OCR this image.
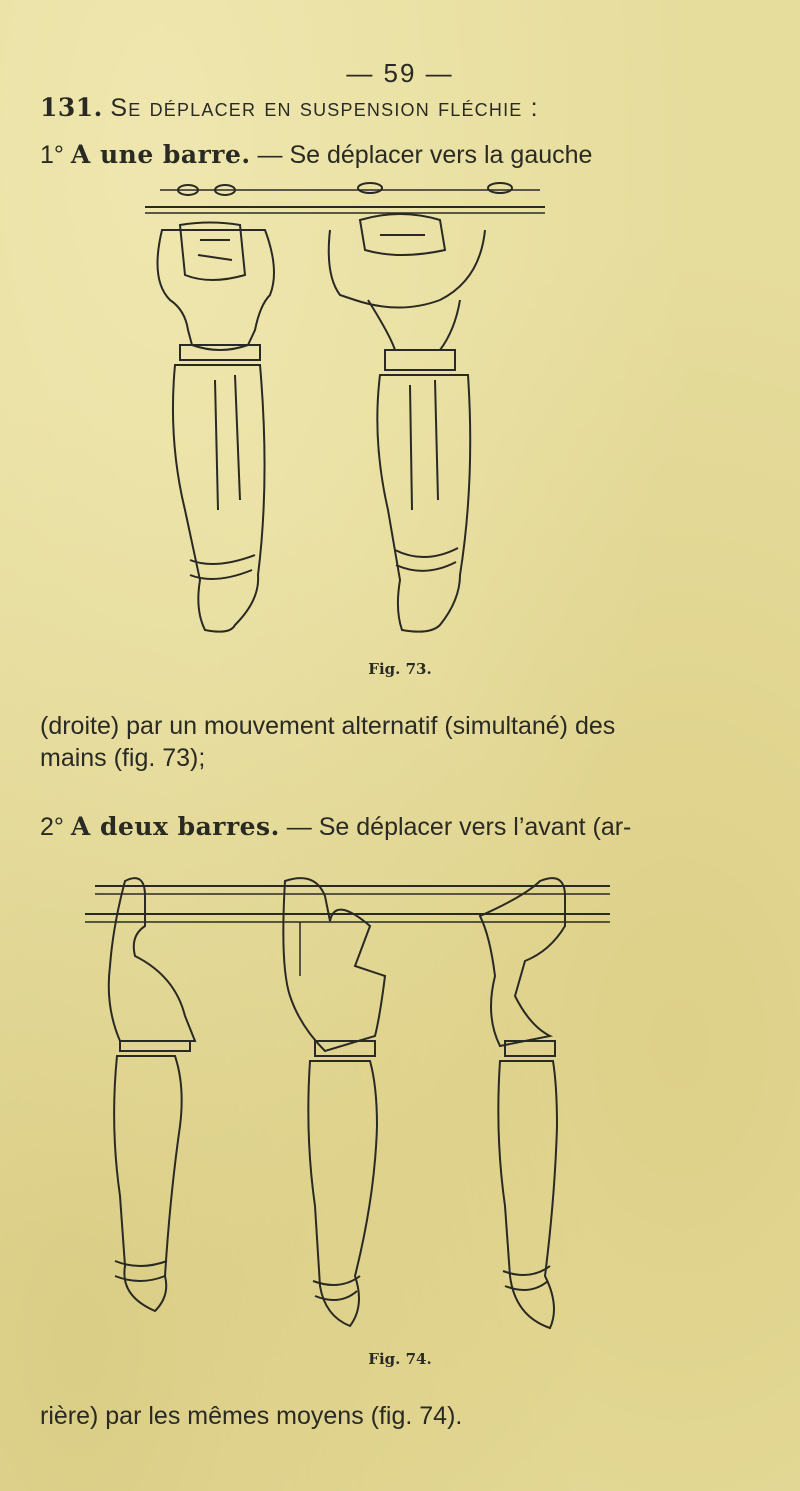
— 59 —
131. Se déplacer en suspension fléchie :
1° A une barre. — Se déplacer vers la gauche
Fig. 73.
(droite) par un mouvement alternatif (simultané) des
mains (fig. 73);
2° A deux barres. — Se déplacer vers l’avant (ar-
Fig. 74.
rière) par les mêmes moyens (fig. 74).
